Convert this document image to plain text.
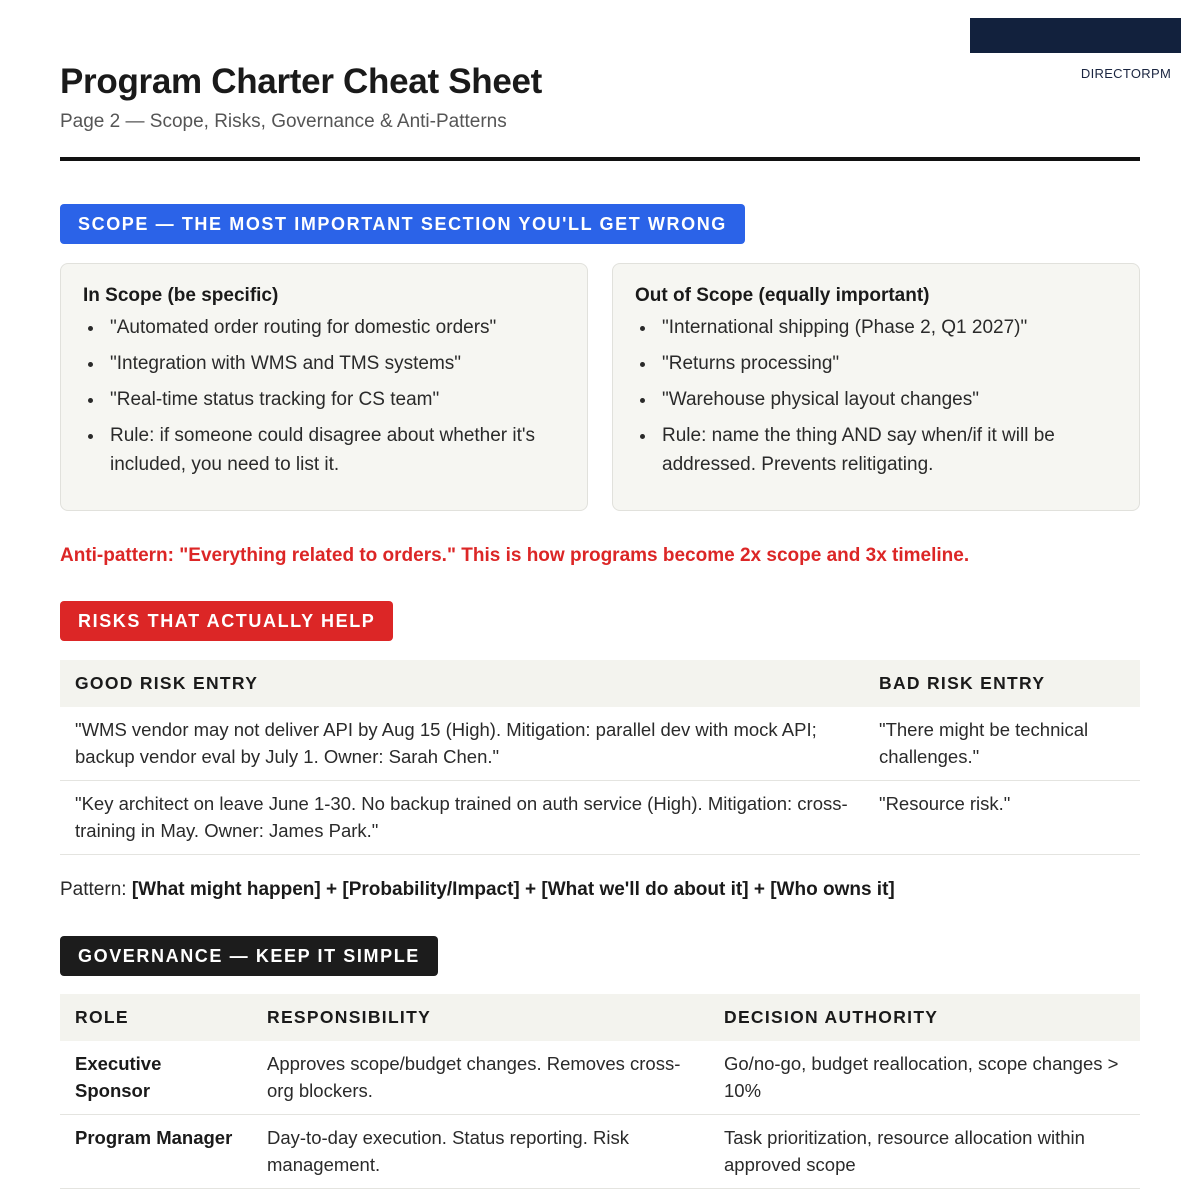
DIRECTORPM
Program Charter Cheat Sheet
Page 2 — Scope, Risks, Governance & Anti-Patterns
SCOPE — THE MOST IMPORTANT SECTION YOU'LL GET WRONG
In Scope (be specific)
"Automated order routing for domestic orders"
"Integration with WMS and TMS systems"
"Real-time status tracking for CS team"
Rule: if someone could disagree about whether it's included, you need to list it.
Out of Scope (equally important)
"International shipping (Phase 2, Q1 2027)"
"Returns processing"
"Warehouse physical layout changes"
Rule: name the thing AND say when/if it will be addressed. Prevents relitigating.
Anti-pattern: "Everything related to orders." This is how programs become 2x scope and 3x timeline.
RISKS THAT ACTUALLY HELP
GOOD RISK ENTRY	BAD RISK ENTRY
"WMS vendor may not deliver API by Aug 15 (High). Mitigation: parallel dev with mock API; backup vendor eval by July 1. Owner: Sarah Chen."	"There might be technical challenges."
"Key architect on leave June 1-30. No backup trained on auth service (High). Mitigation: cross-training in May. Owner: James Park."	"Resource risk."
Pattern: [What might happen] + [Probability/Impact] + [What we'll do about it] + [Who owns it]
GOVERNANCE — KEEP IT SIMPLE
ROLE	RESPONSIBILITY	DECISION AUTHORITY
Executive Sponsor	Approves scope/budget changes. Removes cross-org blockers.	Go/no-go, budget reallocation, scope changes > 10%
Program Manager	Day-to-day execution. Status reporting. Risk management.	Task prioritization, resource allocation within approved scope
